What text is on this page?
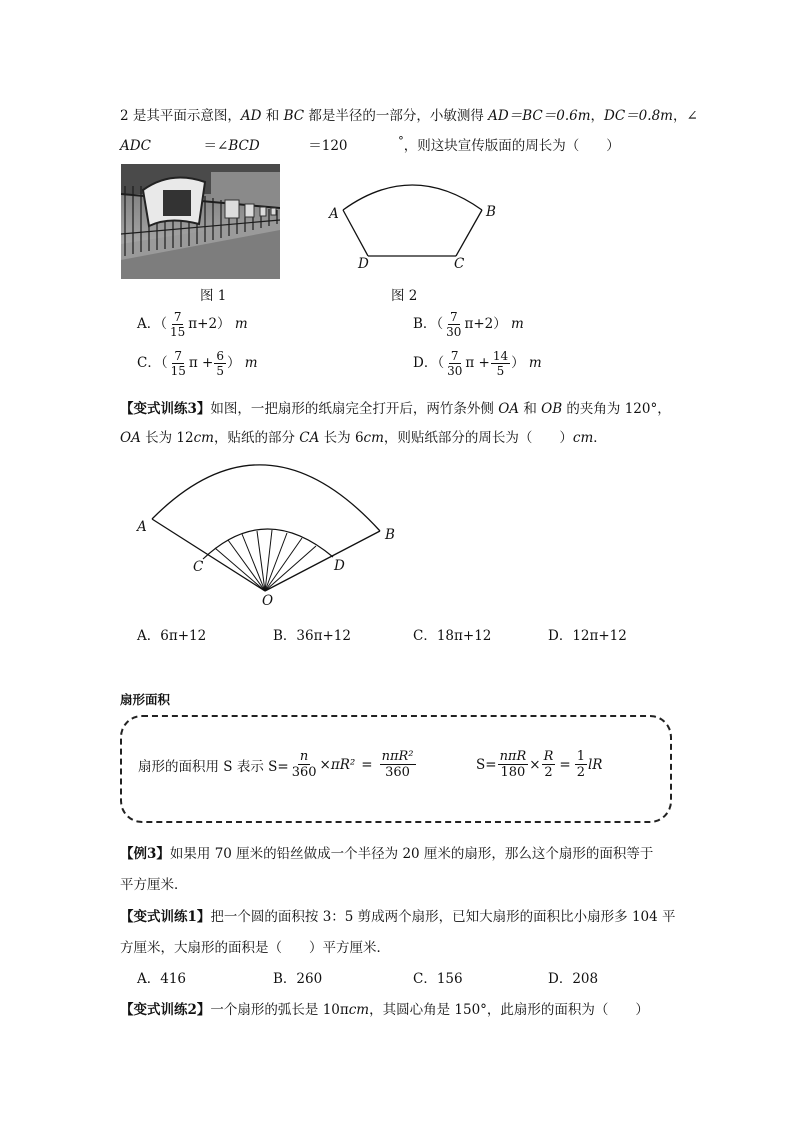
2 是其平面示意图，AD 和 BC 都是半径的一部分，小敏测得 AD＝BC＝0.6m，DC＝0.8m，∠
ADC	＝∠BCD	＝120	°，则这块宣传版面的周长为（　　）
图 1
A	B
D	C
图 2
A．（ $\frac{7}{15} \pi+2$） m	B．（ $\frac{7}{30} \pi+2$） m
C．（ $\frac{7}{15}$ $\pi + \frac{6}{5}$ ） m	D．（ $\frac{7}{30}$ $\pi + \frac{14}{5}$ ） m
【变式训练3】如图，一把扇形的纸扇完全打开后，两竹条外侧 OA 和 OB 的夹角为 120°，
OA 长为 12cm，贴纸的部分 CA 长为 6cm，则贴纸部分的周长为（　　）cm．
A	B
C	D
O
A．6π+12	B．36π+12	C．18π+12	D．12π+12
扇形面积
扇形的面积用 S 表示 $S= \frac{n}{360} \times \pi R^2 = \frac{\text{nπR²}}{360}$	$S= \frac{\text{nπR}}{180} \times \frac{R}{2} = \frac{1}{2}$ lR
【例3】如果用 70 厘米的铅丝做成一个半径为 20 厘米的扇形，那么这个扇形的面积等于
平方厘米．
【变式训练1】把一个圆的面积按 3：5 剪成两个扇形，已知大扇形的面积比小扇形多 104 平
方厘米，大扇形的面积是（　　）平方厘米．
A．416	B．260	C．156	D．208
【变式训练2】一个扇形的弧长是 10πcm，其圆心角是 150°，此扇形的面积为（　　）
